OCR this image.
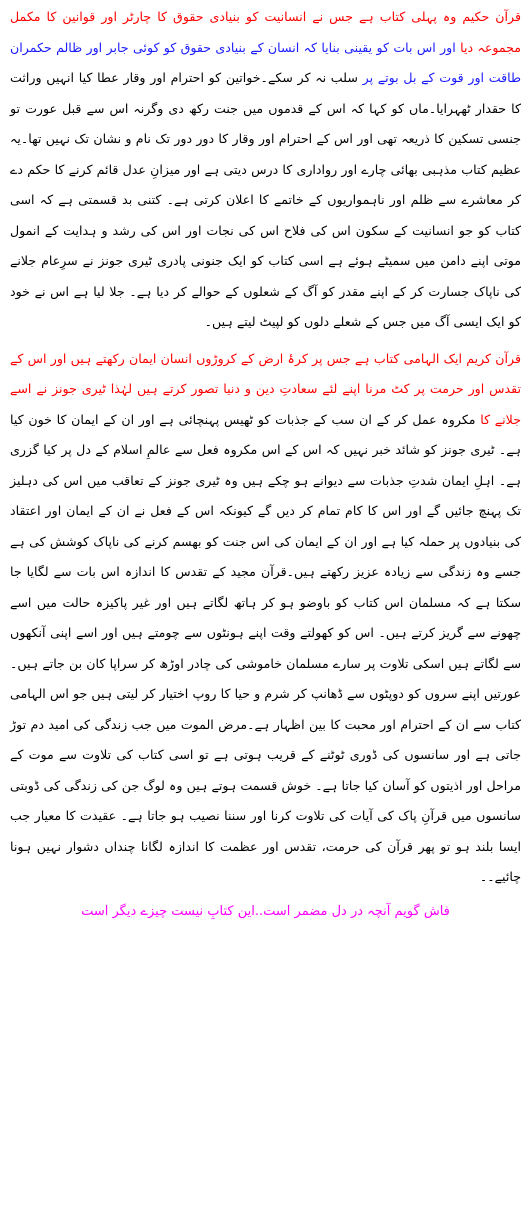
قرآن حکیم وہ پہلی کتاب ہے جس نے انسانیت کو بنیادی حقوق کا چارٹر اور قوانین کا مکمل مجموعہ دیا اور اس بات کو یقینی بنایا کہ انسان کے بنیادی حقوق کو کوئی جابر اور ظالم حکمران طاقت اور قوت کے بل بوتے پر سلب نہ کر سکے۔خواتین کو احترام اور وقار عطا کیا انہیں وراثت کا حقدار ٹھہرایا۔ماں کو کہا کہ اس کے قدموں میں جنت رکھ دی وگرنہ اس سے قبل عورت تو جنسی تسکین کا ذریعہ تھی اور اس کے احترام اور وقار کا دور دور تک نام و نشان تک نہیں تھا۔یہ عظیم کتاب مذہبی بھائی چارے اور رواداری کا درس دیتی ہے اور میزانِ عدل قائم کرنے کا حکم دے کر معاشرے سے ظلم اور ناہمواریوں کے خاتمے کا اعلان کرتی ہے۔ کتنی بد قسمتی ہے کہ اسی کتاب کو جو انسانیت کے سکون اس کی فلاح اس کی نجات اور اس کی رشد و ہدایت کے انمول موتی اپنے دامن میں سمیٹے ہوئے ہے اسی کتاب کو ایک جنونی پادری ٹیری جونز نے سرِعام جلانے کی ناپاک جسارت کر کے اپنے مقدر کو آگ کے شعلوں کے حوالے کر دیا ہے۔ جلا لیا ہے اس نے خود کو ایک ایسی آگ میں جس کے شعلے دلوں کو لپیٹ لیتے ہیں۔

قرآن کریم ایک الہامی کتاب ہے جس پر کرۂ ارض کے کروڑوں انسان ایمان رکھتے ہیں اور اس کے تقدس اور حرمت پر کٹ مرنا اپنے لئے سعادتِ دین و دنیا تصور کرتے ہیں لہٰذا ٹیری جونز نے اسے جلانے کا مکروہ عمل کر کے ان سب کے جذبات کو ٹھیس پہنچائی ہے اور ان کے ایمان کا خون کیا ہے۔ ٹیری جونز کو شائد خبر نہیں کہ اس کے اس مکروہ فعل سے عالمِ اسلام کے دل پر کیا گزری ہے۔ اہلِ ایمان شدتِ جذبات سے دیوانے ہو چکے ہیں وہ ٹیری جونز کے تعاقب میں اس کی دہلیز تک پہنچ جائیں گے اور اس کا کام تمام کر دیں گے کیونکہ اس کے فعل نے ان کے ایمان اور اعتقاد کی بنیادوں پر حملہ کیا ہے اور ان کے ایمان کی اس جنت کو بھسم کرنے کی ناپاک کوشش کی ہے جسے وہ زندگی سے زیادہ عزیز رکھتے ہیں۔قرآن مجید کے تقدس کا اندازہ اس بات سے لگایا جا سکتا ہے کہ مسلمان اس کتاب کو باوضو ہو کر ہاتھ لگاتے ہیں اور غیر پاکیزہ حالت میں اسے چھونے سے گریز کرتے ہیں۔ اس کو کھولتے وقت اپنے ہونٹوں سے چومتے ہیں اور اسے اپنی آنکھوں سے لگاتے ہیں اسکی تلاوت پر سارے مسلمان خاموشی کی چادر اوڑھ کر سراپا کان بن جاتے ہیں۔ عورتیں اپنے سروں کو دوپٹوں سے ڈھانپ کر شرم و حیا کا روپ اختیار کر لیتی ہیں جو اس الہامی کتاب سے ان کے احترام اور محبت کا بین اظہار ہے۔مرض الموت میں جب زندگی کی امید دم توڑ جاتی ہے اور سانسوں کی ڈوری ٹوٹنے کے قریب ہوتی ہے تو اسی کتاب کی تلاوت سے موت کے مراحل اور اذیتوں کو آسان کیا جاتا ہے۔ خوش قسمت ہوتے ہیں وہ لوگ جن کی زندگی کی ڈوبتی سانسوں میں قرآنِ پاک کی آیات کی تلاوت کرنا اور سننا نصیب ہو جاتا ہے۔ عقیدت کا معیار جب ایسا بلند ہو تو پھر قرآن کی حرمت، تقدس اور عظمت کا اندازہ لگانا چنداں دشوار نہیں ہونا چائیے۔۔

فاش گویم آنچہ در دل مضمر است..این کتابِ نیست چیزے دیگر است
